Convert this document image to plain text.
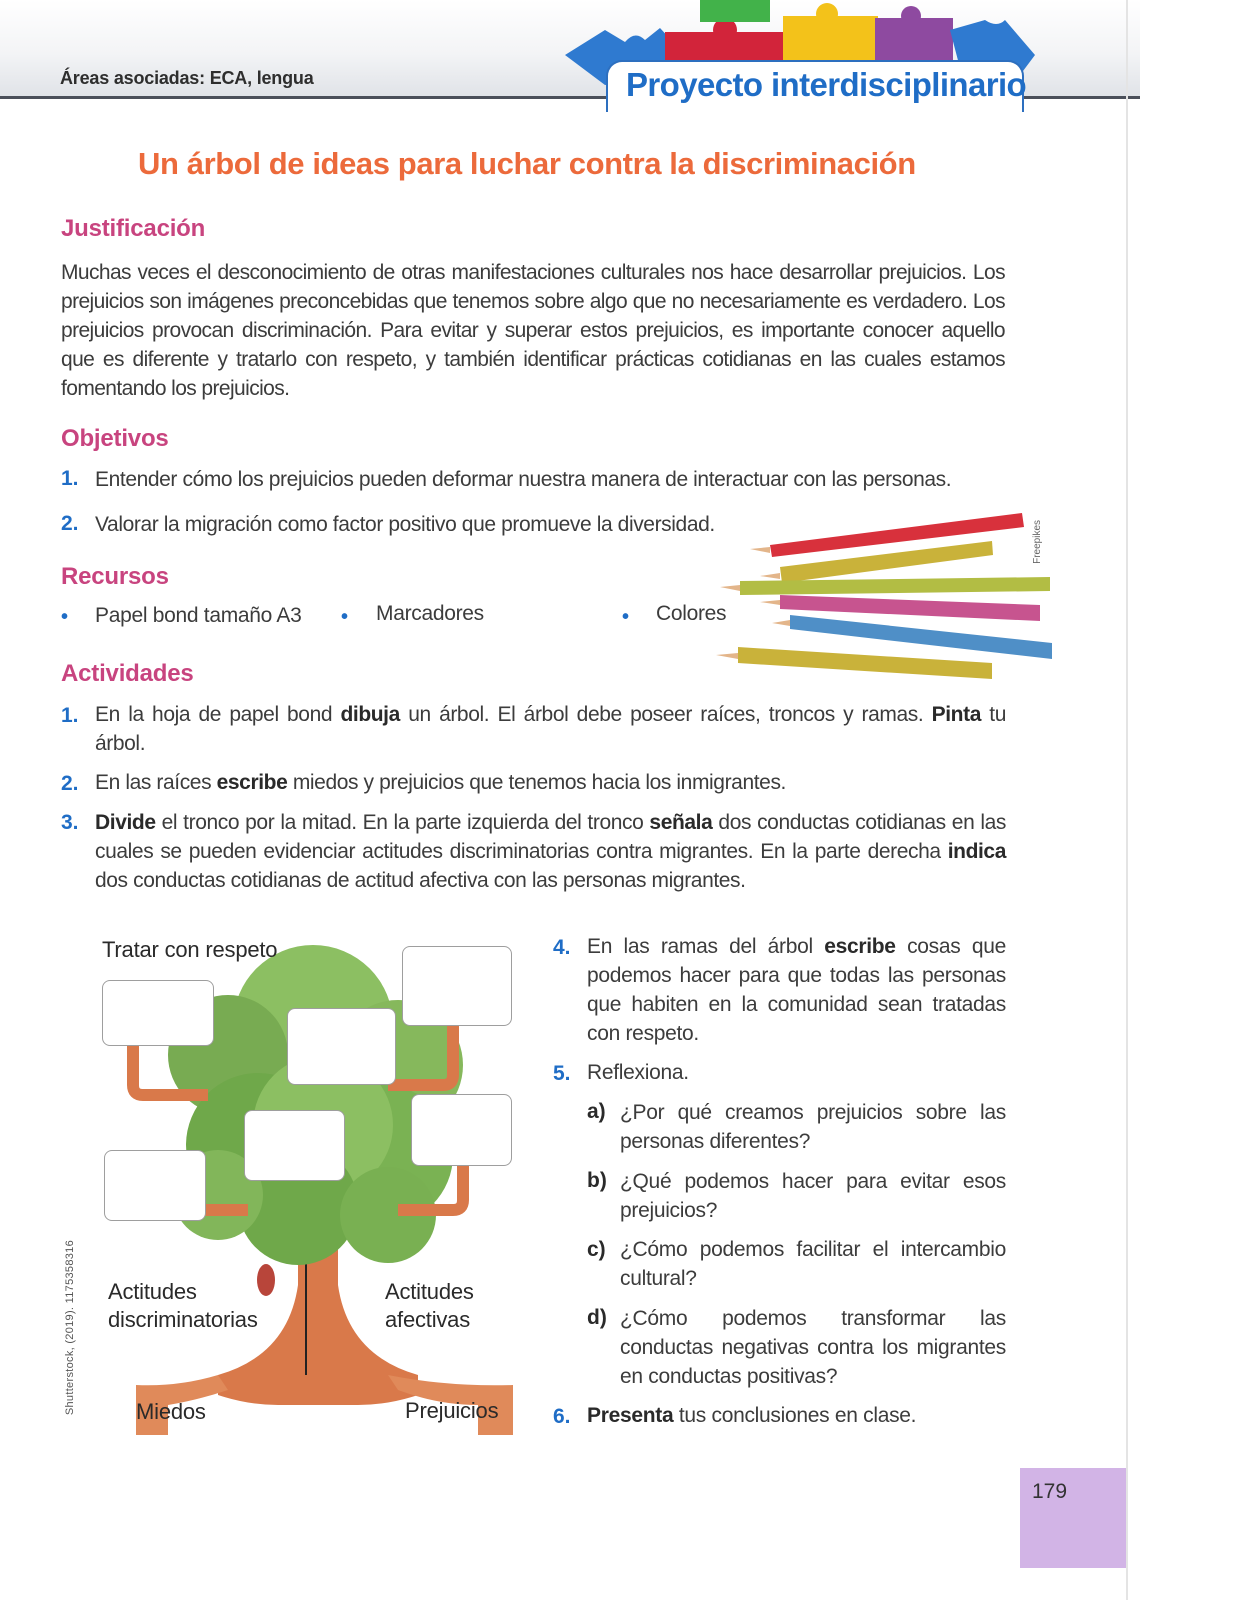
Áreas asociadas: ECA, lengua	Proyecto interdisciplinario
Un árbol de ideas para luchar contra la discriminación
Justificación
Muchas veces el desconocimiento de otras manifestaciones culturales nos hace desarrollar prejuicios. Los prejuicios son imágenes preconcebidas que tenemos sobre algo que no necesariamente es verdadero. Los prejuicios provocan discriminación. Para evitar y superar estos prejuicios, es importante conocer aquello que es diferente y tratarlo con respeto, y también identificar prácticas cotidianas en las cuales estamos fomentando los prejuicios.
Objetivos
1. Entender cómo los prejuicios pueden deformar nuestra manera de interactuar con las personas.
2. Valorar la migración como factor positivo que promueve la diversidad.
Recursos
• Papel bond tamaño A3 • Marcadores	• Colores
Freepikes
Actividades
1. En la hoja de papel bond dibuja un árbol. El árbol debe poseer raíces, troncos y ramas. Pinta tu árbol.
2. En las raíces escribe miedos y prejuicios que tenemos hacia los inmigrantes.
3. Divide el tronco por la mitad. En la parte izquierda del tronco señala dos conductas cotidianas en las cuales se pueden evidenciar actitudes discriminatorias contra migrantes. En la parte derecha indica dos conductas cotidianas de actitud afectiva con las personas migrantes.
Tratar con respeto
Actitudes
discriminatorias
Actitudes
afectivas
Miedos	Prejuicios
Shutterstock, (2019). 1175358316
4. En las ramas del árbol escribe cosas que podemos hacer para que todas las personas que habiten en la comunidad sean tratadas con respeto.
5. Reflexiona.
a) ¿Por qué creamos prejuicios sobre las personas diferentes?
b) ¿Qué podemos hacer para evitar esos prejuicios?
c) ¿Cómo podemos facilitar el intercambio cultural?
d) ¿Cómo podemos transformar las conductas negativas contra los migrantes en conductas positivas?
6. Presenta tus conclusiones en clase.
179
